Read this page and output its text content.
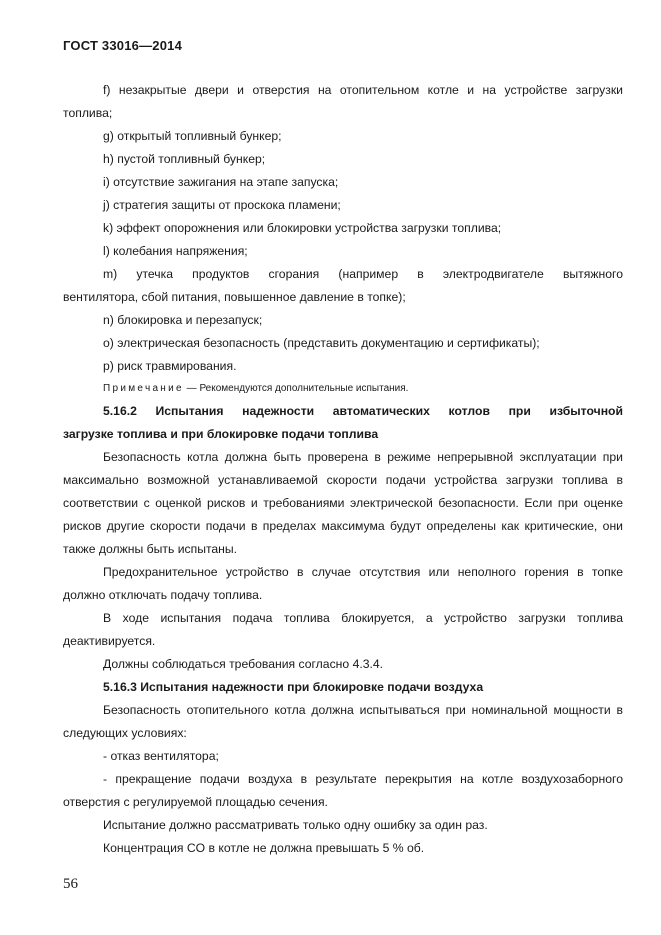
ГОСТ 33016—2014

f) незакрытые двери и отверстия на отопительном котле и на устройстве загрузки

топлива;

g) открытый топливный бункер;

h) пустой топливный бункер;

i) отсутствие зажигания на этапе запуска;

j) стратегия защиты от проскока пламени;

k) эффект опорожнения или блокировки устройства загрузки топлива;

l) колебания напряжения;

m) утечка продуктов сгорания (например в электродвигателе вытяжного

вентилятора, сбой питания, повышенное давление в топке);

n) блокировка и перезапуск;

o) электрическая безопасность (представить документацию и сертификаты);

p) риск травмирования.

Примечание — Рекомендуются дополнительные испытания.

5.16.2 Испытания надежности автоматических котлов при избыточной

загрузке топлива и при блокировке подачи топлива

Безопасность котла должна быть проверена в режиме непрерывной эксплуатации при максимально возможной устанавливаемой скорости подачи устройства загрузки топлива в соответствии с оценкой рисков и требованиями электрической безопасности. Если при оценке рисков другие скорости подачи в пределах максимума будут определены как критические, они также должны быть испытаны.

Предохранительное устройство в случае отсутствия или неполного горения в топке должно отключать подачу топлива.

В ходе испытания подача топлива блокируется, а устройство загрузки топлива деактивируется.

Должны соблюдаться требования согласно 4.3.4.

5.16.3 Испытания надежности при блокировке подачи воздуха

Безопасность отопительного котла должна испытываться при номинальной мощности в следующих условиях:

- отказ вентилятора;

- прекращение подачи воздуха в результате перекрытия на котле воздухозаборного отверстия с регулируемой площадью сечения.

Испытание должно рассматривать только одну ошибку за один раз.

Концентрация CO в котле не должна превышать 5 % об.

56
